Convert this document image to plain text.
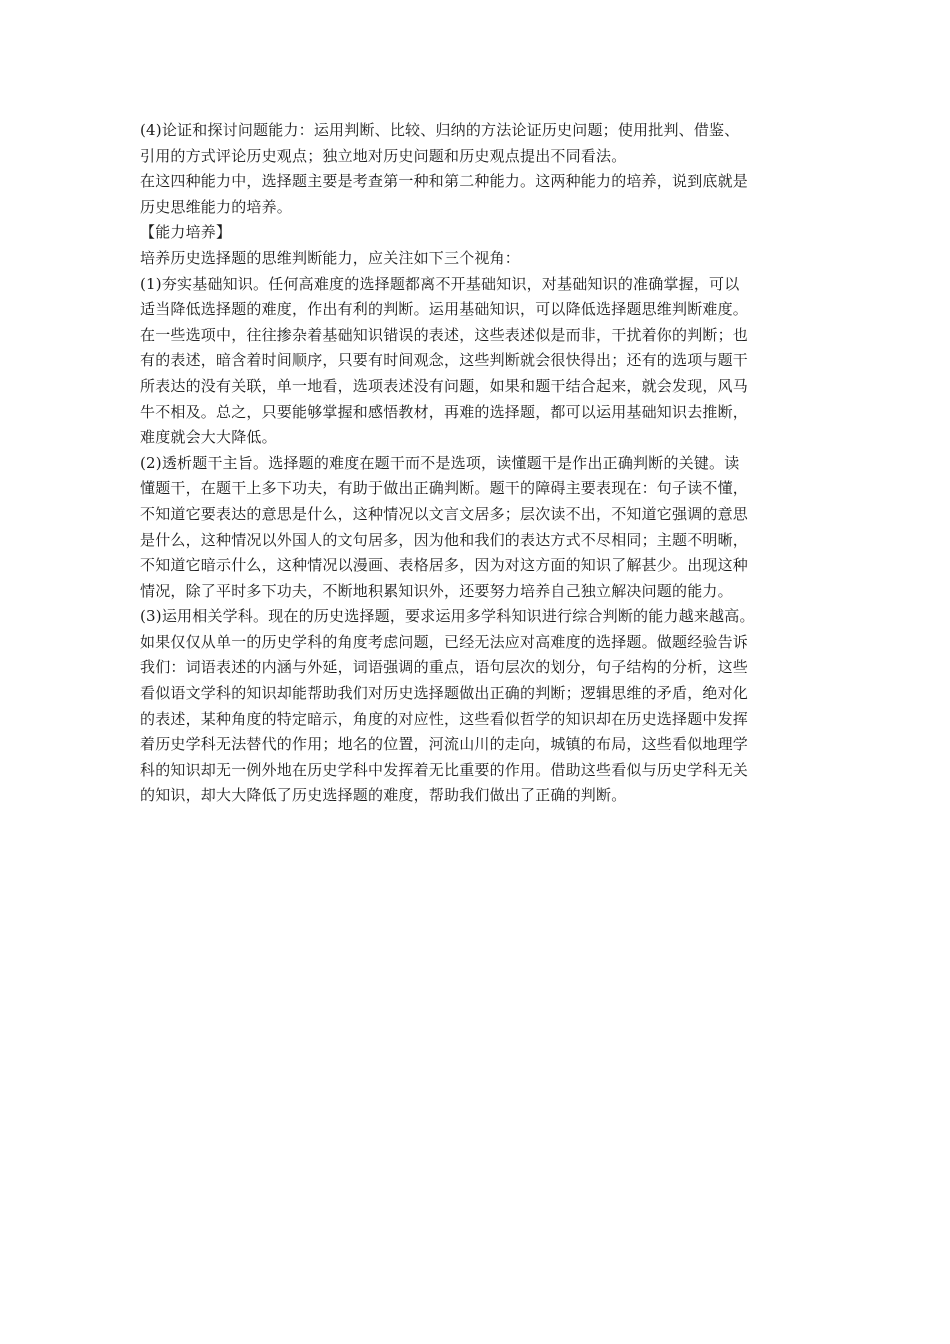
(4)论证和探讨问题能力：运用判断、比较、归纳的方法论证历史问题；使用批判、借鉴、
引用的方式评论历史观点；独立地对历史问题和历史观点提出不同看法。
在这四种能力中，选择题主要是考查第一种和第二种能力。这两种能力的培养，说到底就是
历史思维能力的培养。
【能力培养】
培养历史选择题的思维判断能力，应关注如下三个视角：
(1)夯实基础知识。任何高难度的选择题都离不开基础知识，对基础知识的准确掌握，可以
适当降低选择题的难度，作出有利的判断。运用基础知识，可以降低选择题思维判断难度。
在一些选项中，往往掺杂着基础知识错误的表述，这些表述似是而非，干扰着你的判断；也
有的表述，暗含着时间顺序，只要有时间观念，这些判断就会很快得出；还有的选项与题干
所表达的没有关联，单一地看，选项表述没有问题，如果和题干结合起来，就会发现，风马
牛不相及。总之，只要能够掌握和感悟教材，再难的选择题，都可以运用基础知识去推断，
难度就会大大降低。
(2)透析题干主旨。选择题的难度在题干而不是选项，读懂题干是作出正确判断的关键。读
懂题干，在题干上多下功夫，有助于做出正确判断。题干的障碍主要表现在：句子读不懂，
不知道它要表达的意思是什么，这种情况以文言文居多；层次读不出，不知道它强调的意思
是什么，这种情况以外国人的文句居多，因为他和我们的表达方式不尽相同；主题不明晰，
不知道它暗示什么，这种情况以漫画、表格居多，因为对这方面的知识了解甚少。出现这种
情况，除了平时多下功夫，不断地积累知识外，还要努力培养自己独立解决问题的能力。
(3)运用相关学科。现在的历史选择题，要求运用多学科知识进行综合判断的能力越来越高。
如果仅仅从单一的历史学科的角度考虑问题，已经无法应对高难度的选择题。做题经验告诉
我们：词语表述的内涵与外延，词语强调的重点，语句层次的划分，句子结构的分析，这些
看似语文学科的知识却能帮助我们对历史选择题做出正确的判断；逻辑思维的矛盾，绝对化
的表述，某种角度的特定暗示，角度的对应性，这些看似哲学的知识却在历史选择题中发挥
着历史学科无法替代的作用；地名的位置，河流山川的走向，城镇的布局，这些看似地理学
科的知识却无一例外地在历史学科中发挥着无比重要的作用。借助这些看似与历史学科无关
的知识，却大大降低了历史选择题的难度，帮助我们做出了正确的判断。
